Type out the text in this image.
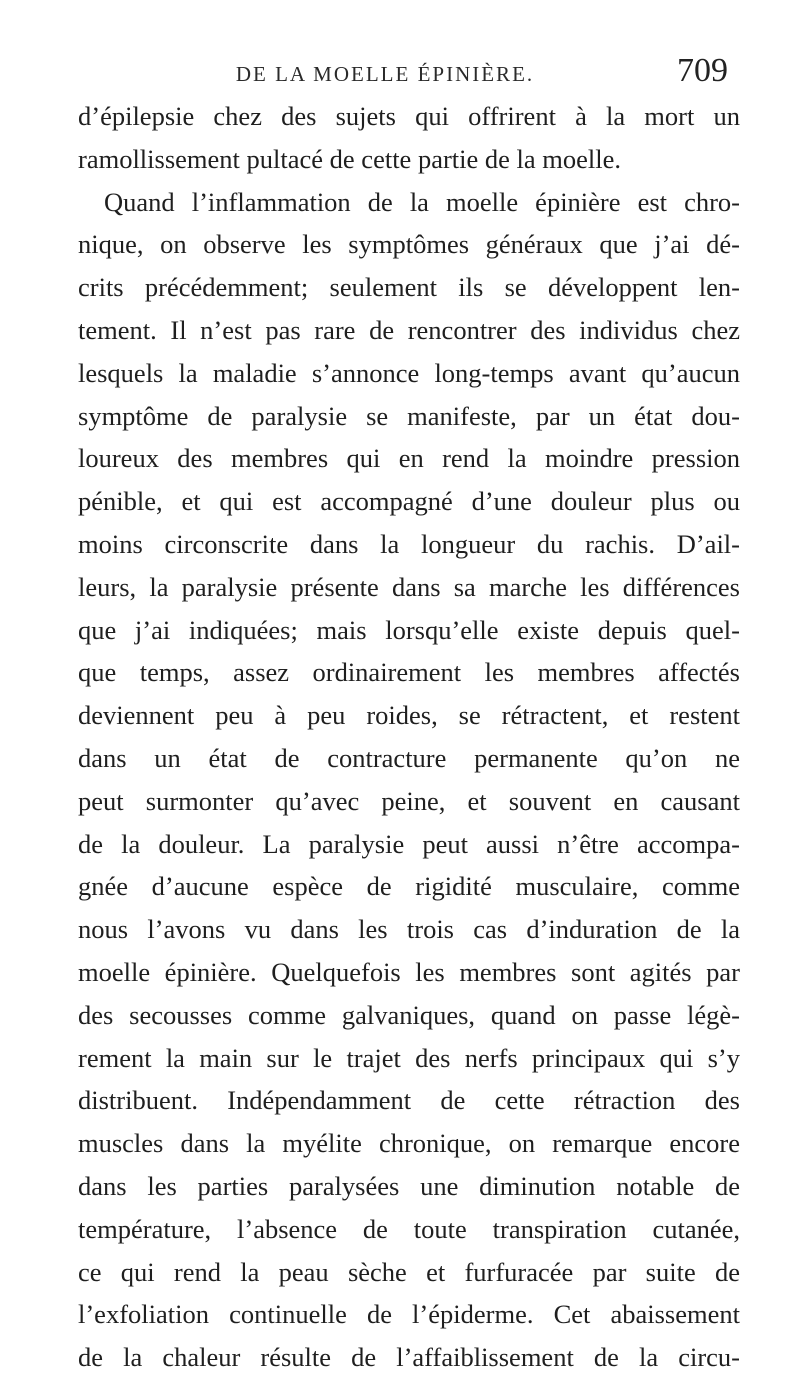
DE LA MOELLE ÉPINIÈRE.	709
d’épilepsie chez des sujets qui offrirent à la mort un
ramollissement pultacé de cette partie de la moelle.
Quand l’inflammation de la moelle épinière est chro-
nique, on observe les symptômes généraux que j’ai dé-
crits précédemment; seulement ils se développent len-
tement. Il n’est pas rare de rencontrer des individus chez
lesquels la maladie s’annonce long-temps avant qu’aucun
symptôme de paralysie se manifeste, par un état dou-
loureux des membres qui en rend la moindre pression
pénible, et qui est accompagné d’une douleur plus ou
moins circonscrite dans la longueur du rachis. D’ail-
leurs, la paralysie présente dans sa marche les différences
que j’ai indiquées; mais lorsqu’elle existe depuis quel-
que temps, assez ordinairement les membres affectés
deviennent peu à peu roides, se rétractent, et restent
dans un état de contracture permanente qu’on ne
peut surmonter qu’avec peine, et souvent en causant
de la douleur. La paralysie peut aussi n’être accompa-
gnée d’aucune espèce de rigidité musculaire, comme
nous l’avons vu dans les trois cas d’induration de la
moelle épinière. Quelquefois les membres sont agités par
des secousses comme galvaniques, quand on passe légè-
rement la main sur le trajet des nerfs principaux qui s’y
distribuent. Indépendamment de cette rétraction des
muscles dans la myélite chronique, on remarque encore
dans les parties paralysées une diminution notable de
température, l’absence de toute transpiration cutanée,
ce qui rend la peau sèche et furfuracée par suite de
l’exfoliation continuelle de l’épiderme. Cet abaissement
de la chaleur résulte de l’affaiblissement de la circu-
